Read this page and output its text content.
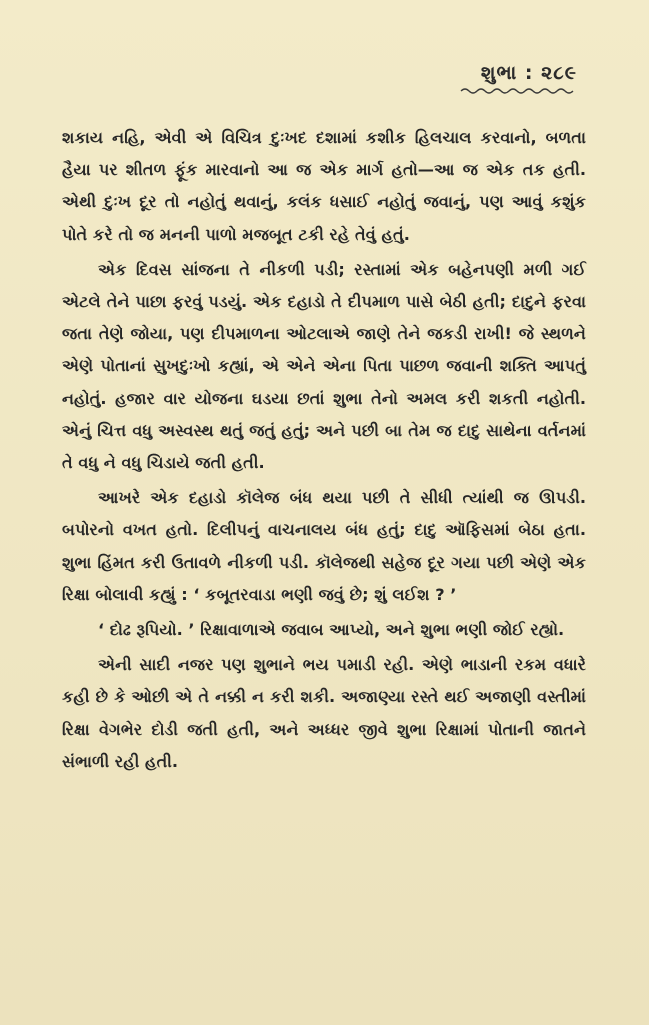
શુભા : ૨૮૯

શકાય નહિ, એવી એ વિચિત્ર દુઃખદ દશામાં કશીક હિલચાલ કરવાનો, બળતા હૈયા પર શીતળ ફૂંક મારવાનો આ જ એક માર્ગ હતો—આ જ એક તક હતી. એથી દુઃખ દૂર તો નહોતું થવાનું, કલંક ધસાઈ નહોતું જવાનું, પણ આવું કશુંક પોતે કરે તો જ મનની પાળો મજબૂત ટકી રહે તેવું હતું.

એક દિવસ સાંજના તે નીકળી પડી; રસ્તામાં એક બહેનપણી મળી ગઈ એટલે તેને પાછા ફરવું પડયું. એક દહાડો તે દીપમાળ પાસે બેઠી હતી; દાદુને ફરવા જતા તેણે જોયા, પણ દીપમાળના ઓટલાએ જાણે તેને જકડી રાખી! જે સ્થળને એણે પોતાનાં સુખદુઃખો કહ્યાં, એ એને એના પિતા પાછળ જવાની શક્તિ આપતું નહોતું. હજાર વાર યોજના ઘડયા છતાં શુભા તેનો અમલ કરી શકતી નહોતી. એનું ચિત્ત વધુ અસ્વસ્થ થતું જતું હતું; અને પછી બા તેમ જ દાદુ સાથેના વર્તનમાં તે વધુ ને વધુ ચિડાયે જતી હતી.

આખરે એક દહાડો કૉલેજ બંધ થયા પછી તે સીધી ત્યાંથી જ ઊપડી. બપોરનો વખત હતો. દિલીપનું વાચનાલય બંધ હતું; દાદુ ઑફિસમાં બેઠા હતા. શુભા હિંમત કરી ઉતાવળે નીકળી પડી. કૉલેજથી સહેજ દૂર ગયા પછી એણે એક રિક્ષા બોલાવી કહ્યું : ‘ કબૂતરવાડા ભણી જવું છે; શું લઈશ ? ’

‘ દોઢ રૂપિયો. ’ રિક્ષાવાળાએ જવાબ આપ્યો, અને શુભા ભણી જોઈ રહ્યો.

એની સાદી નજર પણ શુભાને ભય પમાડી રહી. એણે ભાડાની રકમ વધારે કહી છે કે ઓછી એ તે નક્કી ન કરી શકી. અજાણ્યા રસ્તે થઈ અજાણી વસ્તીમાં રિક્ષા વેગભેર દોડી જતી હતી, અને અધ્ધર જીવે શુભા રિક્ષામાં પોતાની જાતને સંભાળી રહી હતી.
